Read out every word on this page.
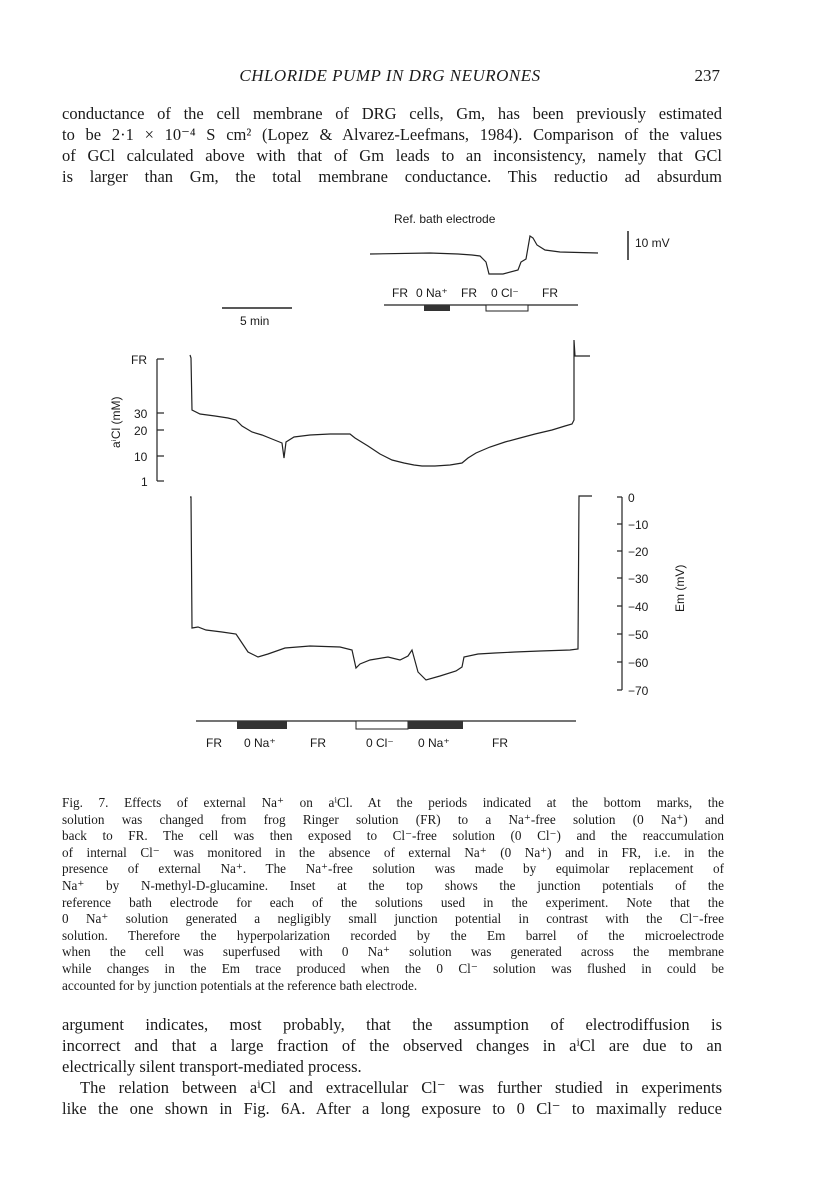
CHLORIDE PUMP IN DRG NEURONES	237
conductance of the cell membrane of DRG cells, Gm, has been previously estimated
to be 2·1 × 10⁻⁴ S cm² (Lopez & Alvarez-Leefmans, 1984). Comparison of the values
of GCl calculated above with that of Gm leads to an inconsistency, namely that GCl
is larger than Gm, the total membrane conductance. This reductio ad absurdum
Ref. bath electrode
10 mV
FR 0 Na⁺ FR 0 Cl⁻ FR
5 min
FR
30
20
10
1
aⁱCl (mM)
0
−10
−20
−30
−40
−50
−60
−70
Em (mV)
FR 0 Na⁺	FR	0 Cl⁻ 0 Na⁺	FR
Fig. 7. Effects of external Na⁺ on aⁱCl. At the periods indicated at the bottom marks, the
solution was changed from frog Ringer solution (FR) to a Na⁺-free solution (0 Na⁺) and
back to FR. The cell was then exposed to Cl⁻-free solution (0 Cl⁻) and the reaccumulation
of internal Cl⁻ was monitored in the absence of external Na⁺ (0 Na⁺) and in FR, i.e. in the
presence of external Na⁺. The Na⁺-free solution was made by equimolar replacement of
Na⁺ by N-methyl-D-glucamine. Inset at the top shows the junction potentials of the
reference bath electrode for each of the solutions used in the experiment. Note that the
0 Na⁺ solution generated a negligibly small junction potential in contrast with the Cl⁻-free
solution. Therefore the hyperpolarization recorded by the Em barrel of the microelectrode
when the cell was superfused with 0 Na⁺ solution was generated across the membrane
while changes in the Em trace produced when the 0 Cl⁻ solution was flushed in could be
accounted for by junction potentials at the reference bath electrode.
argument indicates, most probably, that the assumption of electrodiffusion is
incorrect and that a large fraction of the observed changes in aⁱCl are due to an
electrically silent transport-mediated process.
The relation between aⁱCl and extracellular Cl⁻ was further studied in experiments
like the one shown in Fig. 6A. After a long exposure to 0 Cl⁻ to maximally reduce
